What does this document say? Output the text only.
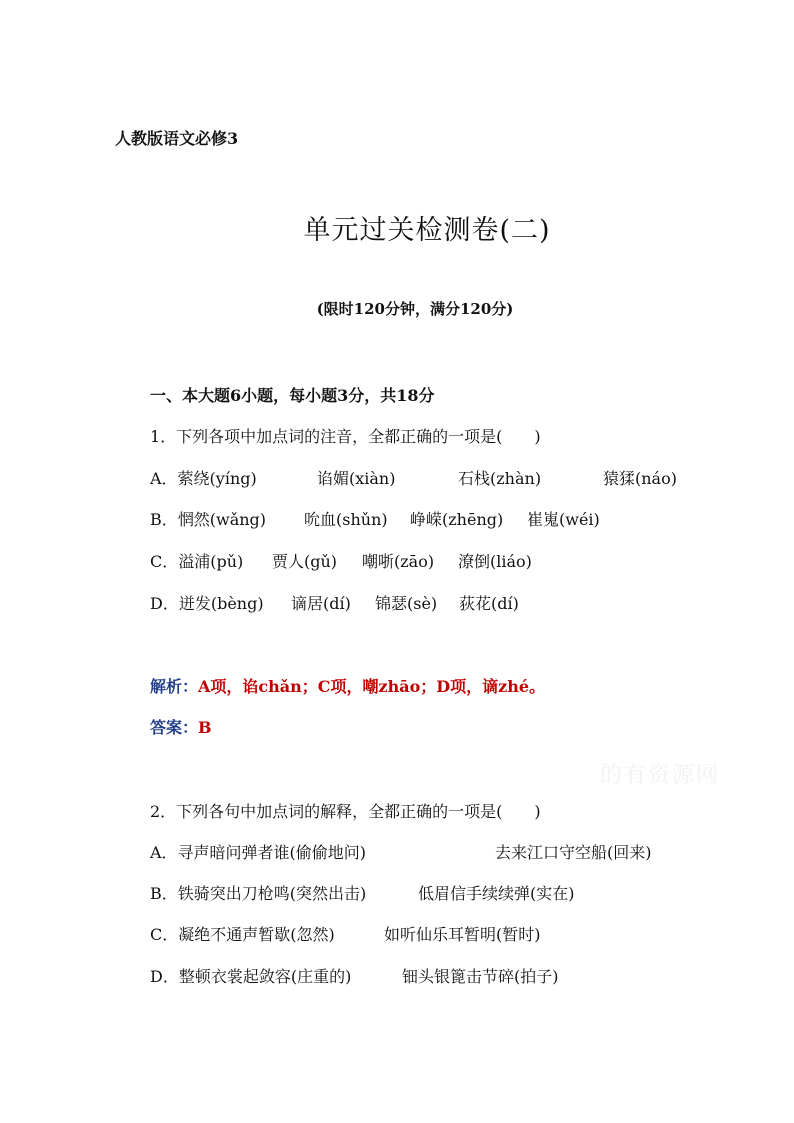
人教版语文必修3
单元过关检测卷(二)
(限时120分钟，满分120分)
一、本大题6小题，每小题3分，共18分
1．下列各项中加点词的注音，全都正确的一项是(　　)
A．萦绕(yíng)	谄媚(xiàn)	石栈(zhàn)	猿猱(náo)
B．惘然(wǎng) 吮血(shǔn) 峥嵘(zhēng) 崔嵬(wéi)
C．溢浦(pǔ) 贾人(gǔ) 嘲哳(zāo) 潦倒(liáo)
D．迸发(bèng) 谪居(dí) 锦瑟(sè) 荻花(dí)
解析：A项，谄chǎn；C项，嘲zhāo；D项，谪zhé。
答案：B
的有资源网
2．下列各句中加点词的解释，全都正确的一项是(　　)
A．寻声暗问弹者谁(偷偷地问)	去来江口守空船(回来)
B．铁骑突出刀枪鸣(突然出击)	低眉信手续续弹(实在)
C．凝绝不通声暂歇(忽然)	如听仙乐耳暂明(暂时)
D．整顿衣裳起敛容(庄重的)	钿头银篦击节碎(拍子)
